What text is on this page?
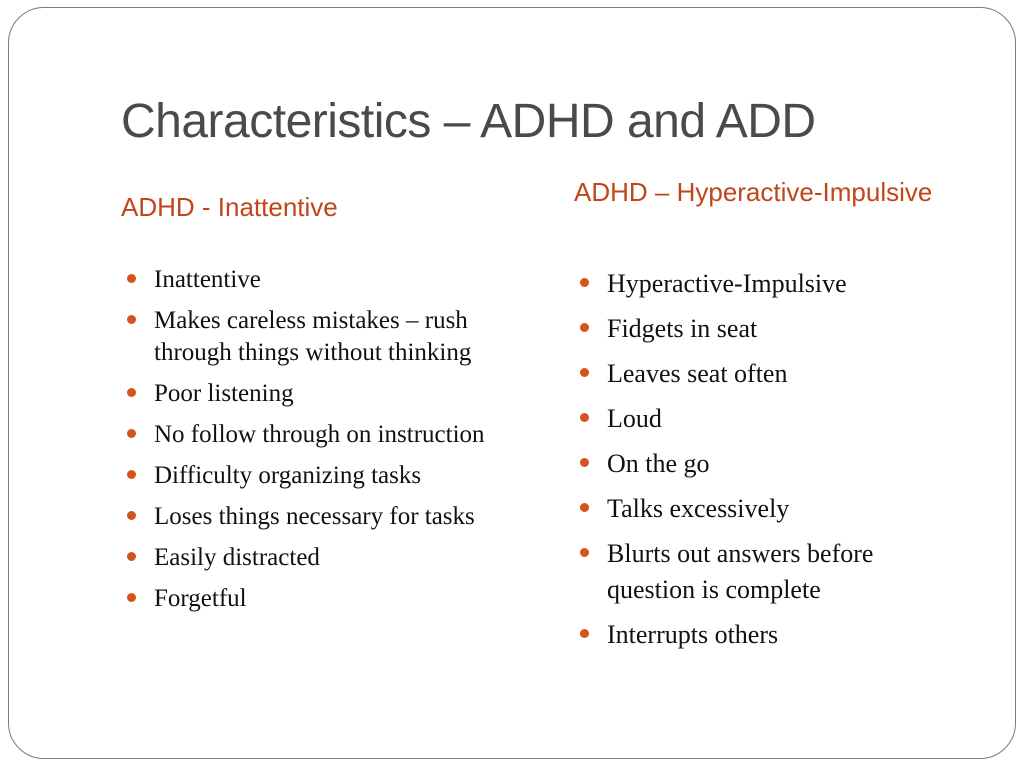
Characteristics – ADHD and ADD
ADHD - Inattentive	ADHD – Hyperactive-Impulsive
Inattentive
Makes careless mistakes – rush through things without thinking
Poor listening
No follow through on instruction
Difficulty organizing tasks
Loses things necessary for tasks
Easily distracted
Forgetful
Hyperactive-Impulsive
Fidgets in seat
Leaves seat often
Loud
On the go
Talks excessively
Blurts out answers before question is complete
Interrupts others
